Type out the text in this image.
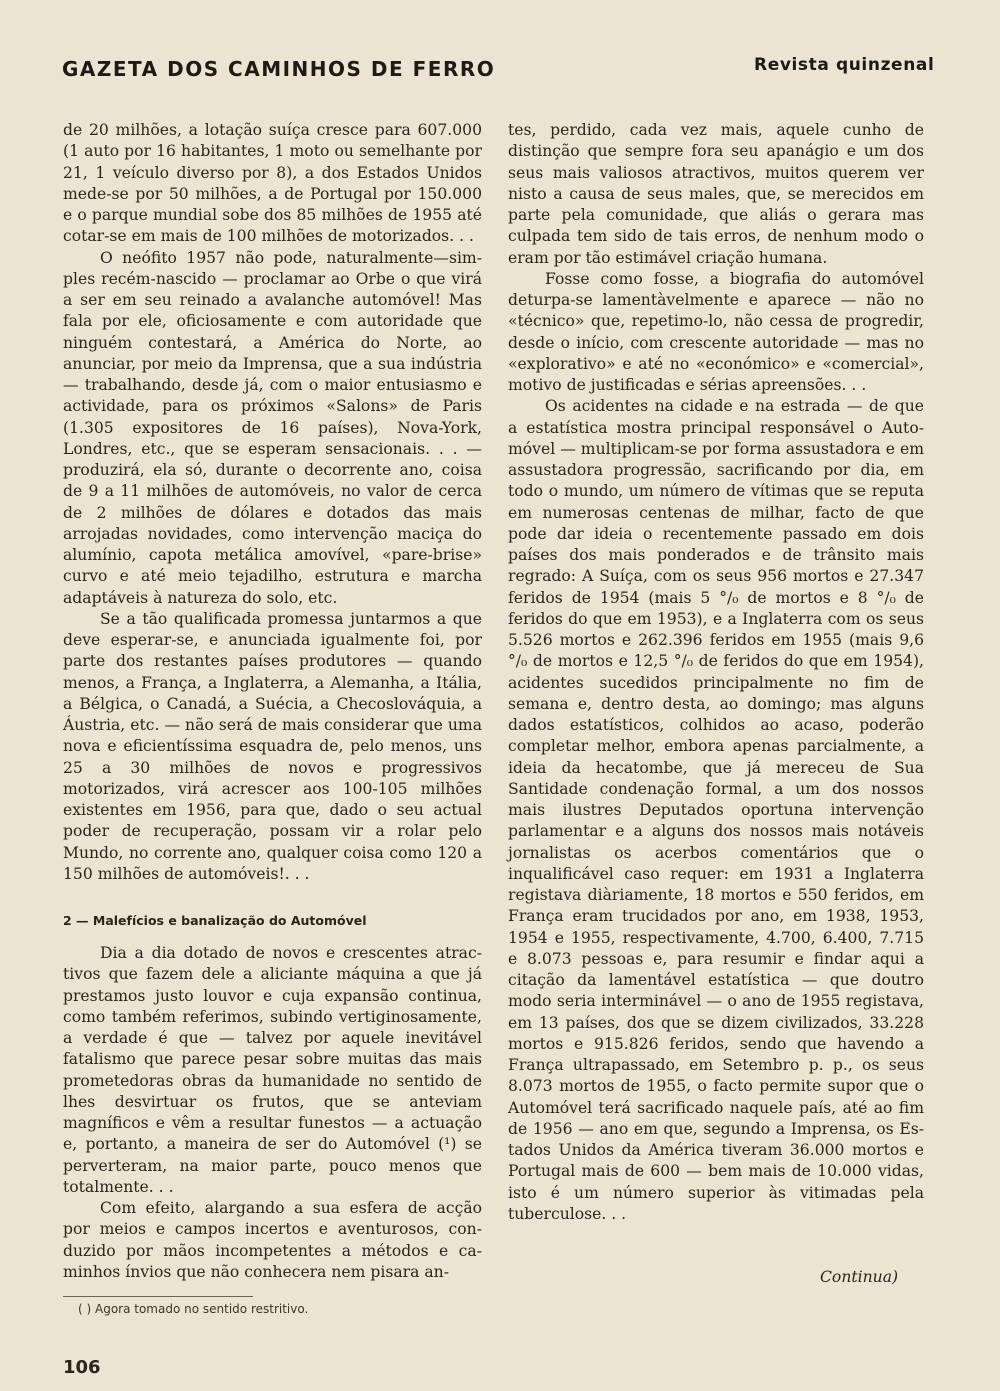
GAZETA DOS CAMINHOS DE FERRO	Revista quinzenal

de 20 milhões, a lotação suíça cresce para 607.000 (1 auto por 16 habitantes, 1 moto ou semelhante por 21, 1 veículo diverso por 8), a dos Estados Unidos mede-se por 50 milhões, a de Portugal por 150.000 e o parque mundial sobe dos 85 milhões de 1955 até cotar-se em mais de 100 milhões de motorizados. . .

O neófito 1957 não pode, naturalmente—simples recém-nascido — proclamar ao Orbe o que virá a ser em seu reinado a avalanche automóvel! Mas fala por ele, oficiosamente e com autoridade que ninguém contestará, a América do Norte, ao anunciar, por meio da Imprensa, que a sua indústria — trabalhando, desde já, com o maior entusiasmo e actividade, para os próximos «Salons» de Paris (1.305 expositores de 16 países), Nova-York, Londres, etc., que se esperam sensacionais. . . — produzirá, ela só, durante o decorrente ano, coisa de 9 a 11 milhões de automóveis, no valor de cerca de 2 milhões de dólares e dotados das mais arrojadas novidades, como intervenção maciça do alumínio, capota metálica amovível, «pare-brise» curvo e até meio tejadilho, estrutura e marcha adaptáveis à natureza do solo, etc.

Se a tão qualificada promessa juntarmos a que deve esperar-se, e anunciada igualmente foi, por parte dos restantes países produtores — quando menos, a França, a Inglaterra, a Alemanha, a Itália, a Bélgica, o Canadá, a Suécia, a Checoslováquia, a Áustria, etc. — não será de mais considerar que uma nova e eficientíssima esquadra de, pelo menos, uns 25 a 30 milhões de novos e progressivos motorizados, virá acrescer aos 100-105 milhões existentes em 1956, para que, dado o seu actual poder de recuperação, possam vir a rolar pelo Mundo, no corrente ano, qualquer coisa como 120 a 150 milhões de automóveis!. . .

2 — Malefícios e banalização do Automóvel

Dia a dia dotado de novos e crescentes atractivos que fazem dele a aliciante máquina a que já prestamos justo louvor e cuja expansão continua, como também referimos, subindo vertiginosamente, a verdade é que — talvez por aquele inevitável fatalismo que parece pesar sobre muitas das mais prometedoras obras da humanidade no sentido de lhes desvirtuar os frutos, que se anteviam magníficos e vêm a resultar funestos — a actuação e, portanto, a maneira de ser do Automóvel (¹) se perverteram, na maior parte, pouco menos que totalmente. . .

Com efeito, alargando a sua esfera de acção por meios e campos incertos e aventurosos, conduzido por mãos incompetentes a métodos e caminhos ínvios que não conhecera nem pisara an-

tes, perdido, cada vez mais, aquele cunho de distinção que sempre fora seu apanágio e um dos seus mais valiosos atractivos, muitos querem ver nisto a causa de seus males, que, se merecidos em parte pela comunidade, que aliás o gerara mas culpada tem sido de tais erros, de nenhum modo o eram por tão estimável criação humana.

Fosse como fosse, a biografia do automóvel deturpa-se lamentàvelmente e aparece — não no «técnico» que, repetimo-lo, não cessa de progredir, desde o início, com crescente autoridade — mas no «explorativo» e até no «económico» e «comercial», motivo de justificadas e sérias apreensões. . .

Os acidentes na cidade e na estrada — de que a estatística mostra principal responsável o Automóvel — multiplicam-se por forma assustadora e em assustadora progressão, sacrificando por dia, em todo o mundo, um número de vítimas que se reputa em numerosas centenas de milhar, facto de que pode dar ideia o recentemente passado em dois países dos mais ponderados e de trânsito mais regrado: A Suíça, com os seus 956 mortos e 27.347 feridos de 1954 (mais 5 °/₀ de mortos e 8 °/₀ de feridos do que em 1953), e a Inglaterra com os seus 5.526 mortos e 262.396 feridos em 1955 (mais 9,6 °/₀ de mortos e 12,5 °/₀ de feridos do que em 1954), acidentes sucedidos principalmente no fim de semana e, dentro desta, ao domingo; mas alguns dados estatísticos, colhidos ao acaso, poderão completar melhor, embora apenas parcialmente, a ideia da hecatombe, que já mereceu de Sua Santidade condenação formal, a um dos nossos mais ilustres Deputados oportuna intervenção parlamentar e a alguns dos nossos mais notáveis jornalistas os acerbos comentários que o inqualificável caso requer: em 1931 a Inglaterra registava diàriamente, 18 mortos e 550 feridos, em França eram trucidados por ano, em 1938, 1953, 1954 e 1955, respectivamente, 4.700, 6.400, 7.715 e 8.073 pessoas e, para resumir e findar aqui a citação da lamentável estatística — que doutro modo seria interminável — o ano de 1955 registava, em 13 países, dos que se dizem civilizados, 33.228 mortos e 915.826 feridos, sendo que havendo a França ultrapassado, em Setembro p. p., os seus 8.073 mortos de 1955, o facto permite supor que o Automóvel terá sacrificado naquele país, até ao fim de 1956 — ano em que, segundo a Imprensa, os Estados Unidos da América tiveram 36.000 mortos e Portugal mais de 600 — bem mais de 10.000 vidas, isto é um número superior às vitimadas pela tuberculose. . .

Continua)
( ) Agora tomado no sentido restritivo.
106
